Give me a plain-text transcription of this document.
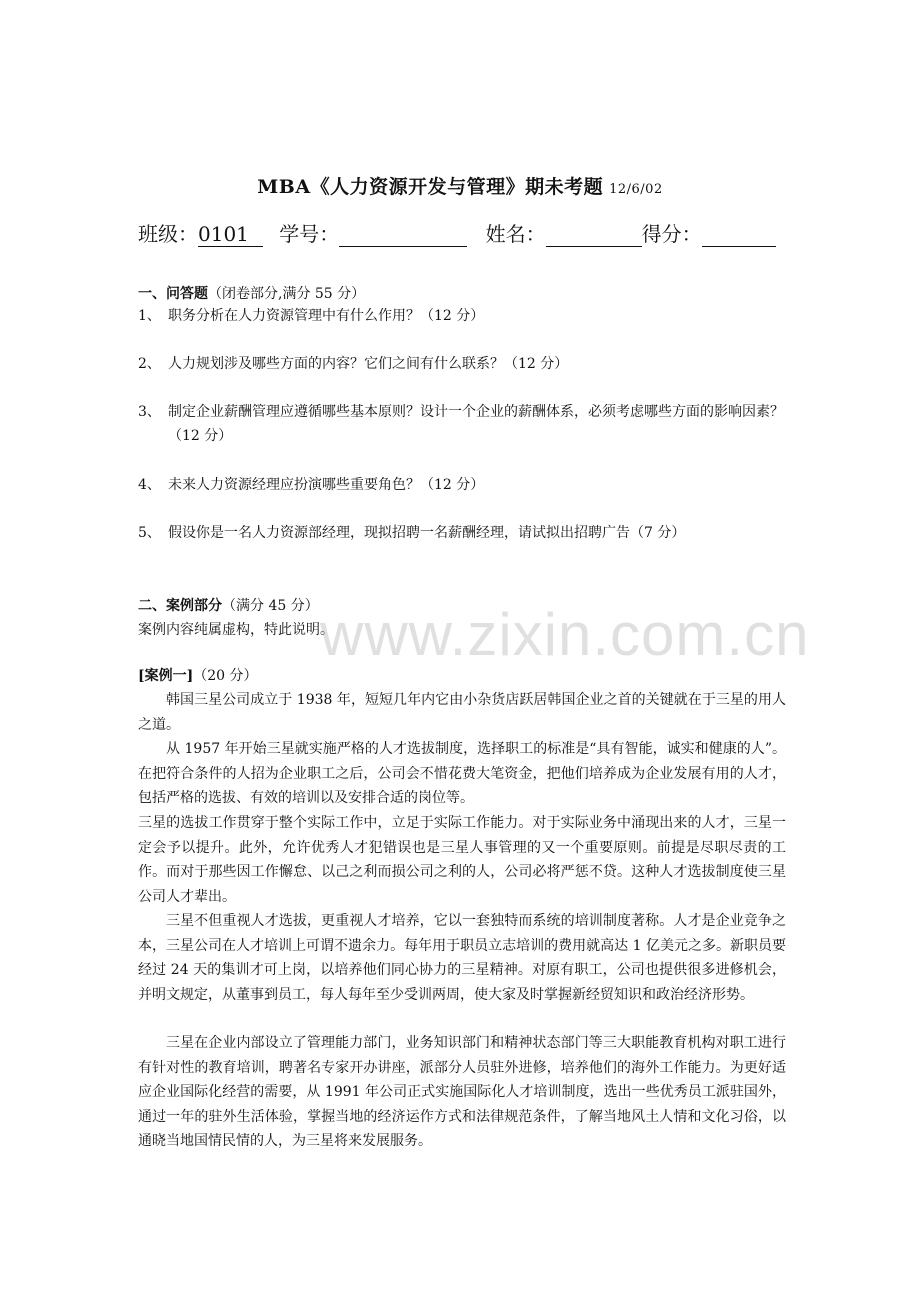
MBA《人力资源开发与管理》期未考题 12/6/02
班级：0101 学号：	姓名：	得分：
一、问答题（闭卷部分,满分 55 分）
1、 职务分析在人力资源管理中有什么作用？（12 分）
2、 人力规划涉及哪些方面的内容？它们之间有什么联系？（12 分）
3、 制定企业薪酬管理应遵循哪些基本原则？设计一个企业的薪酬体系，必须考虑哪些方面的影响因素？（12 分）
4、 未来人力资源经理应扮演哪些重要角色？（12 分）
5、 假设你是一名人力资源部经理，现拟招聘一名薪酬经理，请试拟出招聘广告（7 分）
二、案例部分（满分 45 分）
案例内容纯属虚构，特此说明。
[案例一]（20 分）
韩国三星公司成立于 1938 年，短短几年内它由小杂货店跃居韩国企业之首的关键就在于三星的用人之道。
从 1957 年开始三星就实施严格的人才选拔制度，选择职工的标准是“具有智能，诚实和健康的人”。在把符合条件的人招为企业职工之后，公司会不惜花费大笔资金，把他们培养成为企业发展有用的人才，包括严格的选拔、有效的培训以及安排合适的岗位等。
三星的选拔工作贯穿于整个实际工作中，立足于实际工作能力。对于实际业务中涌现出来的人才，三星一定会予以提升。此外，允许优秀人才犯错误也是三星人事管理的又一个重要原则。前提是尽职尽责的工作。而对于那些因工作懈怠、以己之利而损公司之利的人，公司必将严惩不贷。这种人才选拔制度使三星公司人才辈出。
三星不但重视人才选拔，更重视人才培养，它以一套独特而系统的培训制度著称。人才是企业竞争之本，三星公司在人才培训上可谓不遗余力。每年用于职员立志培训的费用就高达 1 亿美元之多。新职员要经过 24 天的集训才可上岗，以培养他们同心协力的三星精神。对原有职工，公司也提供很多进修机会，并明文规定，从董事到员工，每人每年至少受训两周，使大家及时掌握新经贸知识和政治经济形势。
三星在企业内部设立了管理能力部门，业务知识部门和精神状态部门等三大职能教育机构对职工进行有针对性的教育培训，聘著名专家开办讲座，派部分人员驻外进修，培养他们的海外工作能力。为更好适应企业国际化经营的需要，从 1991 年公司正式实施国际化人才培训制度，选出一些优秀员工派驻国外，通过一年的驻外生活体验，掌握当地的经济运作方式和法律规范条件，了解当地风土人情和文化习俗，以通晓当地国情民情的人，为三星将来发展服务。
www.zixin.com.cn
